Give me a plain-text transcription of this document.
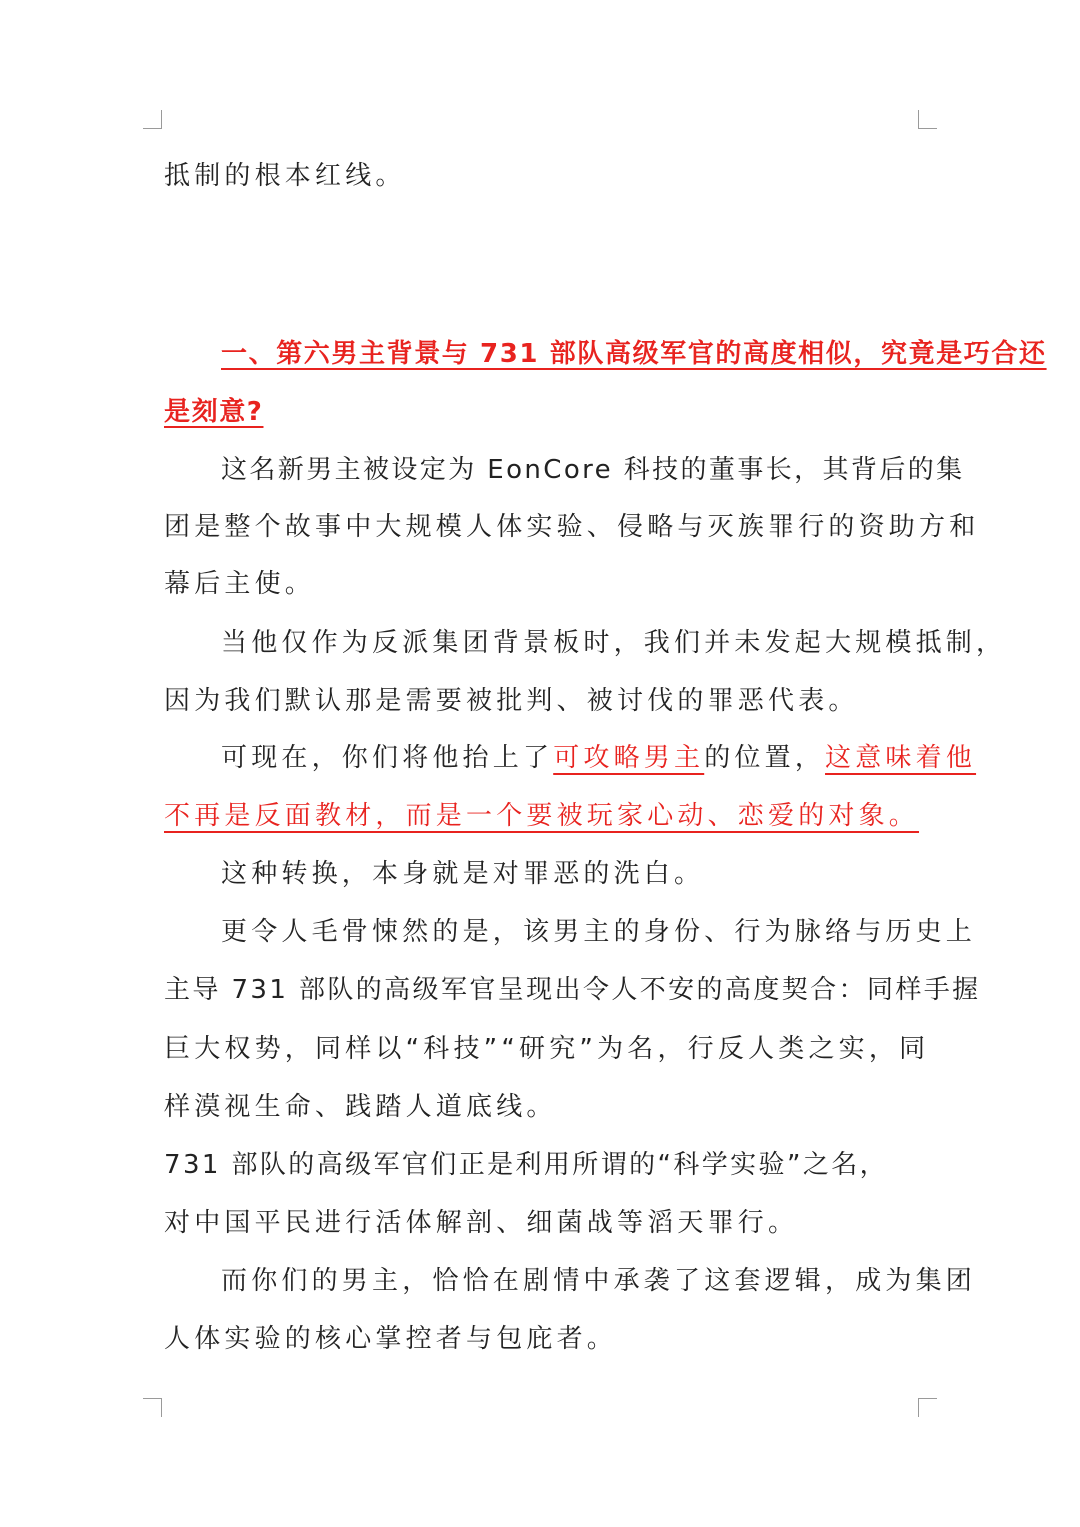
抵制的根本红线。
一、第六男主背景与 731 部队高级军官的高度相似，究竟是巧合还
是刻意?
这名新男主被设定为 EonCore 科技的董事长，其背后的集
团是整个故事中大规模人体实验、侵略与灭族罪行的资助方和
幕后主使。
当他仅作为反派集团背景板时，我们并未发起大规模抵制，
因为我们默认那是需要被批判、被讨伐的罪恶代表。
可现在，你们将他抬上了可攻略男主的位置，这意味着他
不再是反面教材，而是一个要被玩家心动、恋爱的对象。
这种转换，本身就是对罪恶的洗白。
更令人毛骨悚然的是，该男主的身份、行为脉络与历史上
主导 731 部队的高级军官呈现出令人不安的高度契合：同样手握
巨大权势，同样以“科技”“研究”为名，行反人类之实，同
样漠视生命、践踏人道底线。
731 部队的高级军官们正是利用所谓的“科学实验”之名，
对中国平民进行活体解剖、细菌战等滔天罪行。
而你们的男主，恰恰在剧情中承袭了这套逻辑，成为集团
人体实验的核心掌控者与包庇者。
